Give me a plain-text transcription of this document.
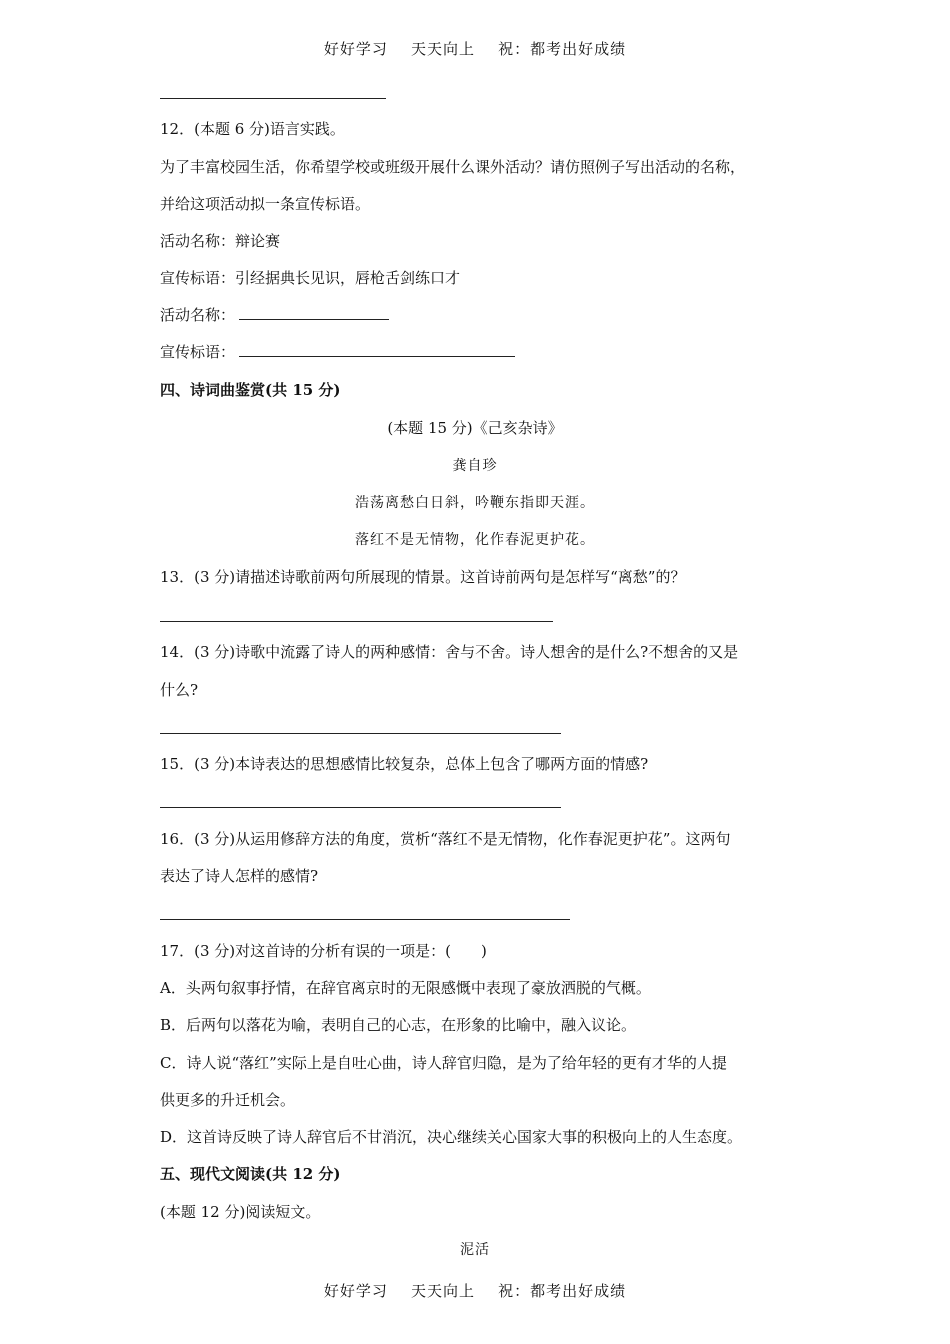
好好学习 天天向上 祝：都考出好成绩
12．(本题 6 分)语言实践。
为了丰富校园生活，你希望学校或班级开展什么课外活动？请仿照例子写出活动的名称，
并给这项活动拟一条宣传标语。
活动名称：辩论赛
宣传标语：引经据典长见识，唇枪舌剑练口才
活动名称：
宣传标语：
四、诗词曲鉴赏(共 15 分)
(本题 15 分)《己亥杂诗》
龚自珍
浩荡离愁白日斜，吟鞭东指即天涯。
落红不是无情物，化作春泥更护花。
13．(3 分)请描述诗歌前两句所展现的情景。这首诗前两句是怎样写“离愁”的？
14．(3 分)诗歌中流露了诗人的两种感情：舍与不舍。诗人想舍的是什么?不想舍的又是
什么?
15．(3 分)本诗表达的思想感情比较复杂，总体上包含了哪两方面的情感?
16．(3 分)从运用修辞方法的角度，赏析“落红不是无情物，化作春泥更护花”。这两句
表达了诗人怎样的感情?
17．(3 分)对这首诗的分析有误的一项是：(　　)
A．头两句叙事抒情，在辞官离京时的无限感慨中表现了豪放洒脱的气概。
B．后两句以落花为喻，表明自己的心志，在形象的比喻中，融入议论。
C．诗人说“落红”实际上是自吐心曲，诗人辞官归隐，是为了给年轻的更有才华的人提
供更多的升迁机会。
D．这首诗反映了诗人辞官后不甘消沉，决心继续关心国家大事的积极向上的人生态度。
五、现代文阅读(共 12 分)
(本题 12 分)阅读短文。
泥活
好好学习 天天向上 祝：都考出好成绩
